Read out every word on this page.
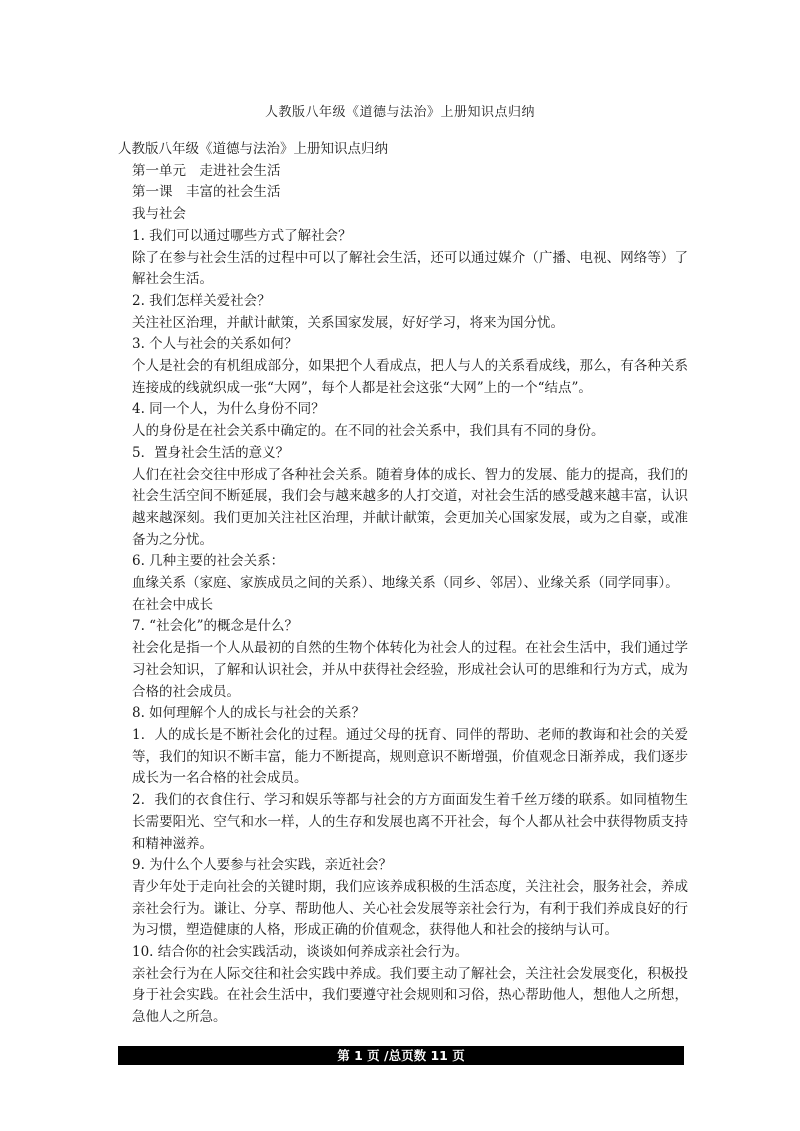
人教版八年级《道德与法治》上册知识点归纳
人教版八年级《道德与法治》上册知识点归纳
第一单元　走进社会生活
第一课　丰富的社会生活
我与社会
1. 我们可以通过哪些方式了解社会？
除了在参与社会生活的过程中可以了解社会生活，还可以通过媒介（广播、电视、网络等）了解社会生活。
2. 我们怎样关爱社会？
关注社区治理，并献计献策，关系国家发展，好好学习，将来为国分忧。
3. 个人与社会的关系如何？
个人是社会的有机组成部分，如果把个人看成点，把人与人的关系看成线，那么，有各种关系连接成的线就织成一张“大网”，每个人都是社会这张“大网”上的一个“结点”。
4. 同一个人，为什么身份不同？
人的身份是在社会关系中确定的。在不同的社会关系中，我们具有不同的身份。
5．置身社会生活的意义？
人们在社会交往中形成了各种社会关系。随着身体的成长、智力的发展、能力的提高，我们的社会生活空间不断延展，我们会与越来越多的人打交道，对社会生活的感受越来越丰富，认识越来越深刻。我们更加关注社区治理，并献计献策，会更加关心国家发展，或为之自豪，或准备为之分忧。
6. 几种主要的社会关系：
血缘关系（家庭、家族成员之间的关系）、地缘关系（同乡、邻居）、业缘关系（同学同事）。
在社会中成长
7. “社会化”的概念是什么？
社会化是指一个人从最初的自然的生物个体转化为社会人的过程。在社会生活中，我们通过学习社会知识，了解和认识社会，并从中获得社会经验，形成社会认可的思维和行为方式，成为合格的社会成员。
8. 如何理解个人的成长与社会的关系？
1．人的成长是不断社会化的过程。通过父母的抚育、同伴的帮助、老师的教诲和社会的关爱等，我们的知识不断丰富，能力不断提高，规则意识不断增强，价值观念日渐养成，我们逐步成长为一名合格的社会成员。
2．我们的衣食住行、学习和娱乐等都与社会的方方面面发生着千丝万缕的联系。如同植物生长需要阳光、空气和水一样，人的生存和发展也离不开社会，每个人都从社会中获得物质支持和精神滋养。
9. 为什么个人要参与社会实践，亲近社会？
青少年处于走向社会的关键时期，我们应该养成积极的生活态度，关注社会，服务社会，养成亲社会行为。谦让、分享、帮助他人、关心社会发展等亲社会行为，有利于我们养成良好的行为习惯，塑造健康的人格，形成正确的价值观念，获得他人和社会的接纳与认可。
10. 结合你的社会实践活动，谈谈如何养成亲社会行为。
亲社会行为在人际交往和社会实践中养成。我们要主动了解社会，关注社会发展变化，积极投身于社会实践。在社会生活中，我们要遵守社会规则和习俗，热心帮助他人，想他人之所想，急他人之所急。
第 1 页 /总页数 11 页
